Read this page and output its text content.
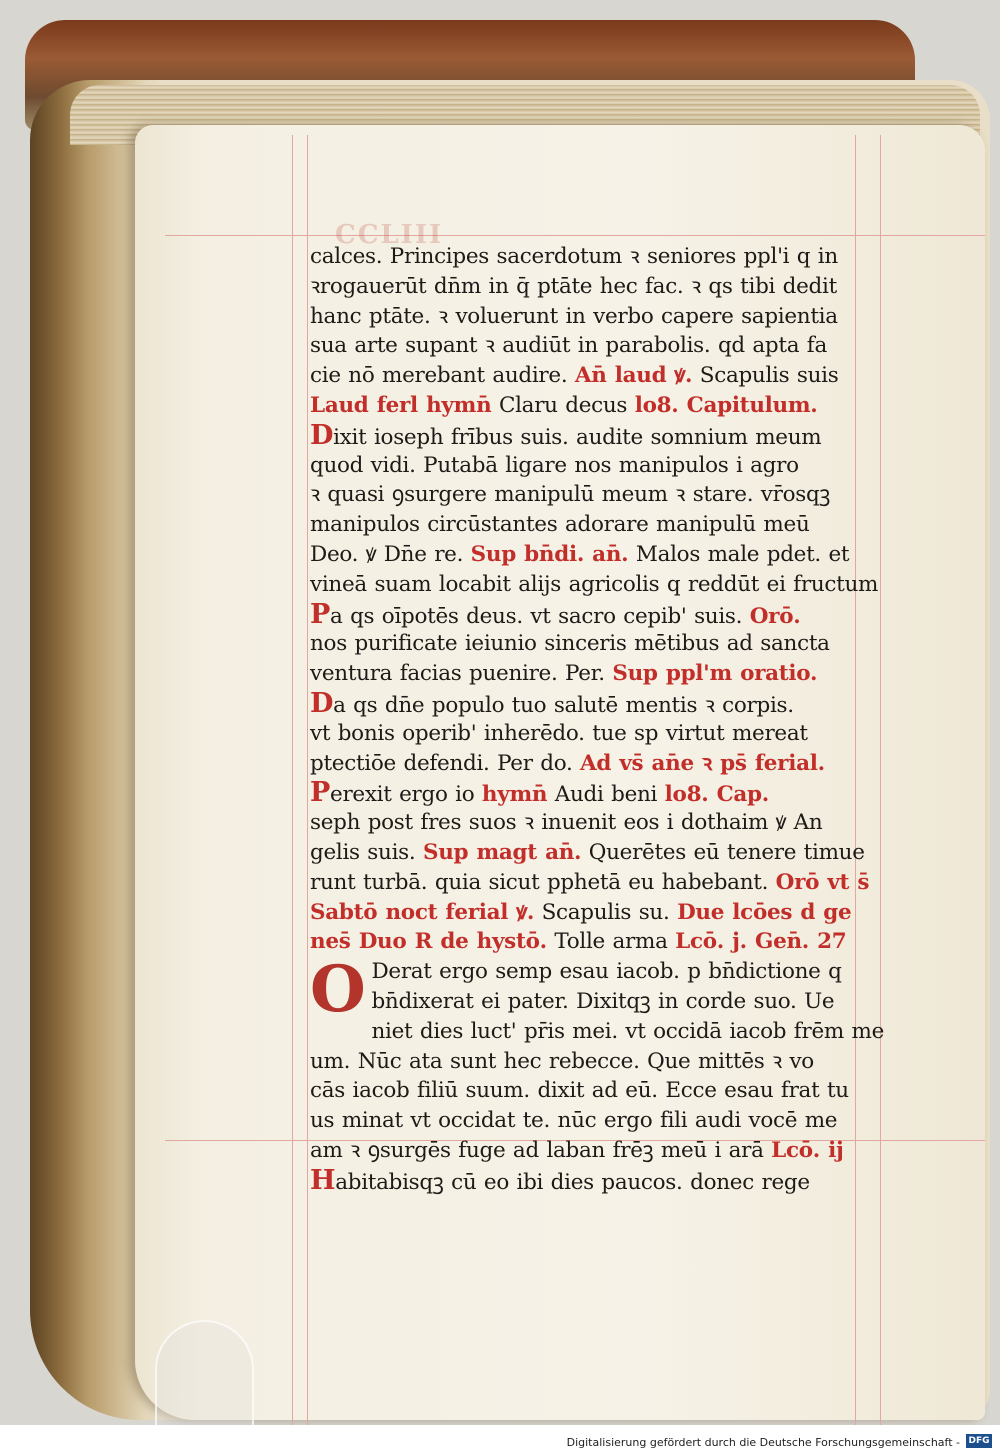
CCLIII
calces. Principes sacerdotum ꝛ seniores ppl'i q in
ꝛrogauerūt dn̄m in q̄ ptāte hec fac. ꝛ qs tibi dedit
hanc ptāte. ꝛ voluerunt in verbo capere sapientia
sua arte supant ꝛ audiūt in parabolis. qd apta fa
cie nō merebant audire. An̄ laud ꝟ. Scapulis suis
Laud ferl hymn̄ Claru decus lo8. Capitulum.
Dixit ioseph frībus suis. audite somnium meum
quod vidi. Putabā ligare nos manipulos i agro
ꝛ quasi ꝯsurgere manipulū meum ꝛ stare. vr̄osqꝫ
manipulos circūstantes adorare manipulū meū
Deo. ꝟ Dn̄e re. Sup bn̄di. an̄. Malos male pdet. et
vineā suam locabit alijs agricolis q reddūt ei fructum
Pa qs oīpotēs deus. vt sacro cepib' suis. Orō.
nos purificate ieiunio sinceris mētibus ad sancta
ventura facias puenire. Per. Sup ppl'm oratio.
Da qs dn̄e populo tuo salutē mentis ꝛ corpis.
vt bonis operib' inherēdo. tue sp virtut mereat
ptectiōe defendi. Per do. Ad vs̄ an̄e ꝛ ps̄ ferial.
Perexit ergo io hymn̄ Audi beni lo8. Cap.
seph post fres suos ꝛ inuenit eos i dothaim ꝟ An
gelis suis. Sup magt an̄. Querētes eū tenere timue
runt turbā. quia sicut pphetā eu habebant. Orō vt s̄
Sabtō noct ferial ꝟ. Scapulis su. Due lcōes d ge
nes̄ Duo R de hystō. Tolle arma Lcō. j. Gen̄. 27
O Derat ergo semp esau iacob. p bn̄dictione q
bn̄dixerat ei pater. Dixitqꝫ in corde suo. Ue
niet dies luct' pr̄is mei. vt occidā iacob frēm me
um. Nūc ata sunt hec rebecce. Que mittēs ꝛ vo
cās iacob filiū suum. dixit ad eū. Ecce esau frat tu
us minat vt occidat te. nūc ergo fili audi vocē me
am ꝛ ꝯsurgēs fuge ad laban frēꝫ meū i arā Lcō. ij
Habitabisqꝫ cū eo ibi dies paucos. donec rege
Digitalisierung gefördert durch die Deutsche Forschungsgemeinschaft - DFG
